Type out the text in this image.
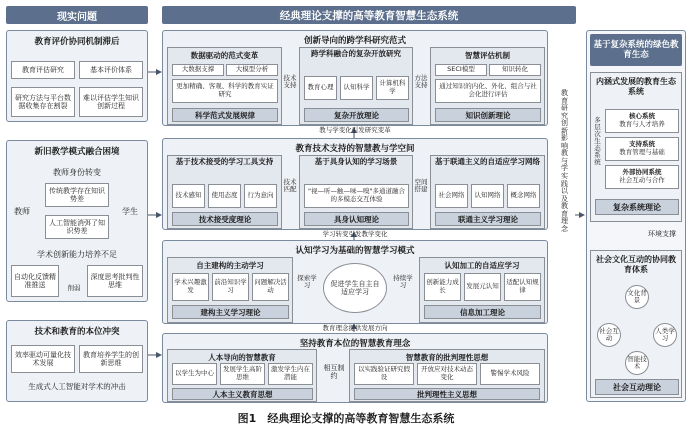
现实问题
教育评价协同机制滞后
教育评估研究	基本评价体系
研究方法与平台数据收集存在割裂
难以评估学生知识创新过程
新旧教学模式融合困境
教师身份转变
教师
传统教学存在知识势差
人工智能消弭了知识势差
学生
学术创新能力培养不足
自动化反馈精准推送	削弱
深度思考批判性思维
技术和教育的本位冲突
效率驱动可量化技术发展
教育培养学生的创新思维
生成式人工智能对学术的冲击
经典理论支撑的高等教育智慧生态系统
创新导向的跨学科研究范式
数据驱动的范式变革
大数据支撑	大模型分析
更加精确、客观、科学的教育实证研究
科学范式发展规律
技术支持
跨学科融合的复杂开放研究
教育心理	认知科学	计算机科学
复杂开放理论
方法支持
智慧评估机制
SECI模型	知识转化
通过知识的内化、外化、组合与社会化进行评估
知识创新理论
教与学变化引发研究变革
教育技术支持的智慧教与学空间
基于技术接受的学习工具支持
技术感知	使用态度	行为意向
技术接受度理论
技术匹配
基于具身认知的学习场景
"视—听—触—味—嗅"多通道融合的多模态交互体验
具身认知理论
空间搭建
基于联通主义的自适应学习网络
社会网络	认知网络	概念网络
联通主义学习理论
学习转变引发教学变化
认知学习为基础的智慧学习模式
自主建构的主动学习
学术兴趣激发
前沿知识学习
问题解决活动
建构主义学习理论
探索学习	促进学生自主自适应学习
持续学习
认知加工的自适应学习
创新能力成长	发展元认知	适配认知规律
信息加工理论
教育理念提供发展方向
坚持教育本位的智慧教育理念
人本导向的智慧教育
以学生为中心	发展学生高阶思维
激发学生内在潜能
人本主义教育思想
相互制约
智慧教育的批判理性思想
以实践验证研究假设
开放应对技术动态变化	警惕学术风险
批判理性主义思想
教育研究创新影响教与学实践以及教育理念
基于复杂系统的绿色教育生态
内涵式发展的教育生态系统
多层次生态系统
核心系统
教育与人才培养
支持系统
教育管理与基础
外部协同系统
社会互动与合作
复杂系统理论
环境支撑
社会文化互动的协同教育体系
文化背景
社会互动
人类学习
智能技术
社会互动理论
图1　经典理论支撑的高等教育智慧生态系统
